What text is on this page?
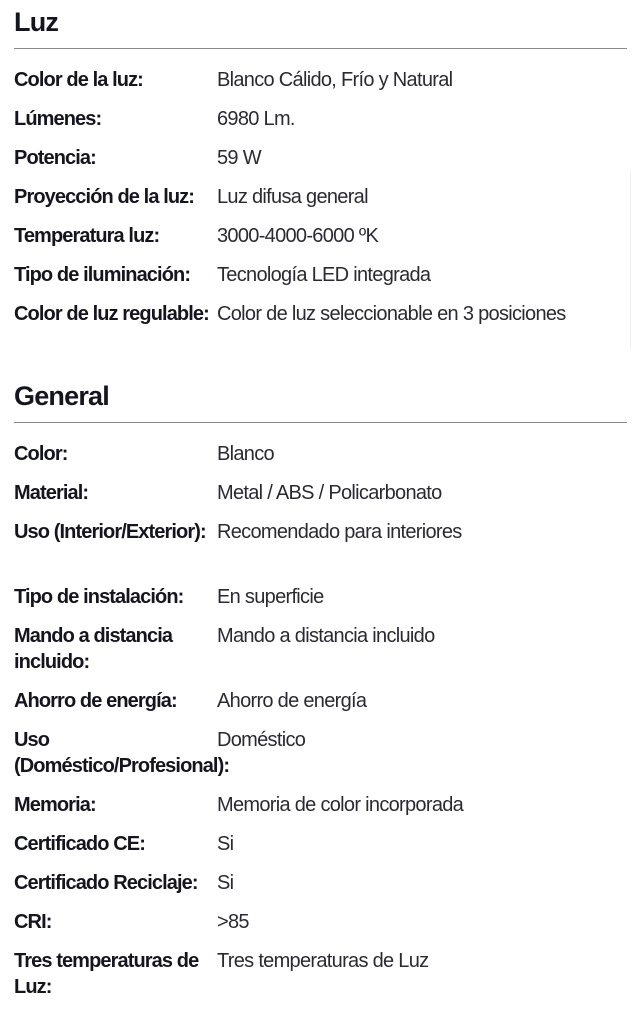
Luz
Color de la luz:	Blanco Cálido, Frío y Natural
Lúmenes:	6980 Lm.
Potencia:	59 W
Proyección de la luz:	Luz difusa general
Temperatura luz:	3000-4000-6000 ºK
Tipo de iluminación:	Tecnología LED integrada
Color de luz regulable: Color de luz seleccionable en 3 posiciones
General
Color:	Blanco
Material:	Metal / ABS / Policarbonato
Uso (Interior/Exterior): Recomendado para interiores
Tipo de instalación:	En superficie
Mando a distancia incluido:
Mando a distancia incluido
Ahorro de energía:	Ahorro de energía
Uso (Doméstico/Profesional):
Doméstico
Memoria:	Memoria de color incorporada
Certificado CE:	Si
Certificado Reciclaje: Si
CRI:	>85
Tres temperaturas de Luz:
Tres temperaturas de Luz
